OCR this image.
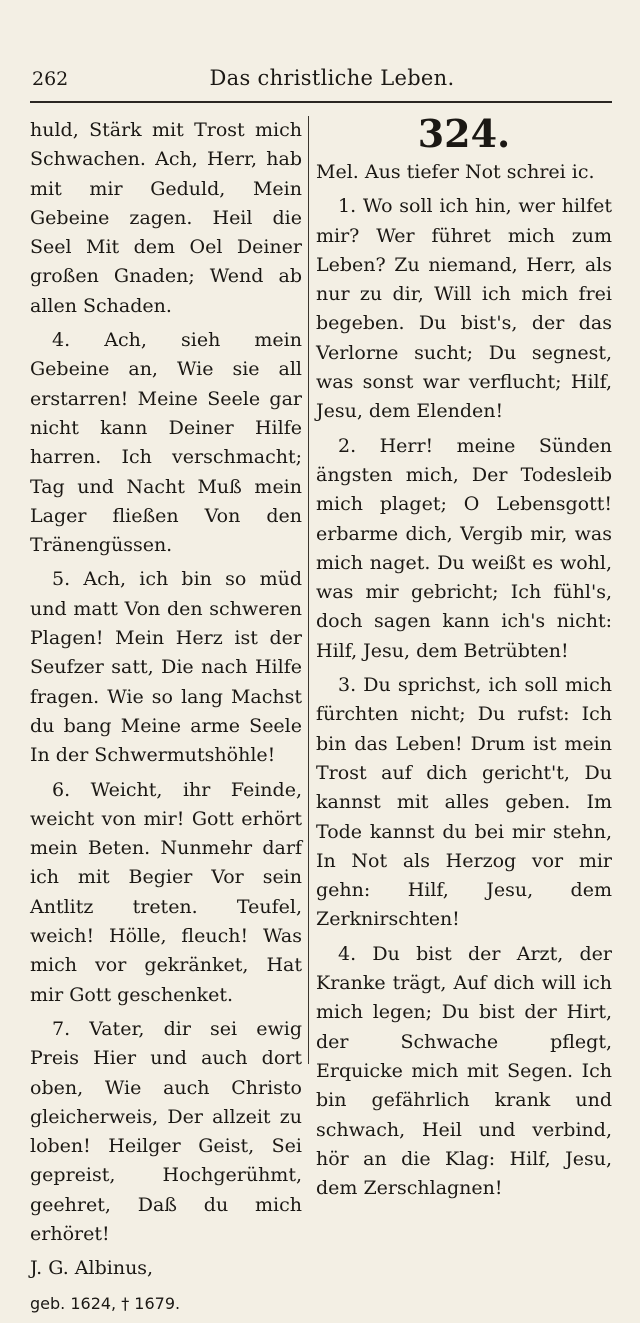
262	Das christliche Leben.

huld, Stärk mit Trost mich Schwachen. Ach, Herr, hab mit mir Geduld, Mein Gebeine zagen. Heil die Seel Mit dem Oel Deiner großen Gnaden; Wend ab allen Schaden.

4. Ach, sieh mein Gebeine an, Wie sie all erstarren! Meine Seele gar nicht kann Deiner Hilfe harren. Ich verschmacht; Tag und Nacht Muß mein Lager fließen Von den Tränengüssen.

5. Ach, ich bin so müd und matt Von den schweren Plagen! Mein Herz ist der Seufzer satt, Die nach Hilfe fragen. Wie so lang Machst du bang Meine arme Seele In der Schwermutshöhle!

6. Weicht, ihr Feinde, weicht von mir! Gott erhört mein Beten. Nunmehr darf ich mit Begier Vor sein Antlitz treten. Teufel, weich! Hölle, fleuch! Was mich vor gekränket, Hat mir Gott geschenket.

7. Vater, dir sei ewig Preis Hier und auch dort oben, Wie auch Christo gleicherweis, Der allzeit zu loben! Heilger Geist, Sei gepreist, Hochgerühmt, geehret, Daß du mich erhöret!

J. G. Albinus,

geb. 1624, † 1679.

324.

Mel. Aus tiefer Not schrei ic.

1. Wo soll ich hin, wer hilfet mir? Wer führet mich zum Leben? Zu niemand, Herr, als nur zu dir, Will ich mich frei begeben. Du bist's, der das Verlorne sucht; Du segnest, was sonst war verflucht; Hilf, Jesu, dem Elenden!

2. Herr! meine Sünden ängsten mich, Der Todesleib mich plaget; O Lebensgott! erbarme dich, Vergib mir, was mich naget. Du weißt es wohl, was mir gebricht; Ich fühl's, doch sagen kann ich's nicht: Hilf, Jesu, dem Betrübten!

3. Du sprichst, ich soll mich fürchten nicht; Du rufst: Ich bin das Leben! Drum ist mein Trost auf dich gericht't, Du kannst mit alles geben. Im Tode kannst du bei mir stehn, In Not als Herzog vor mir gehn: Hilf, Jesu, dem Zerknirschten!

4. Du bist der Arzt, der Kranke trägt, Auf dich will ich mich legen; Du bist der Hirt, der Schwache pflegt, Erquicke mich mit Segen. Ich bin gefährlich krank und schwach, Heil und verbind, hör an die Klag: Hilf, Jesu, dem Zerschlagnen!
